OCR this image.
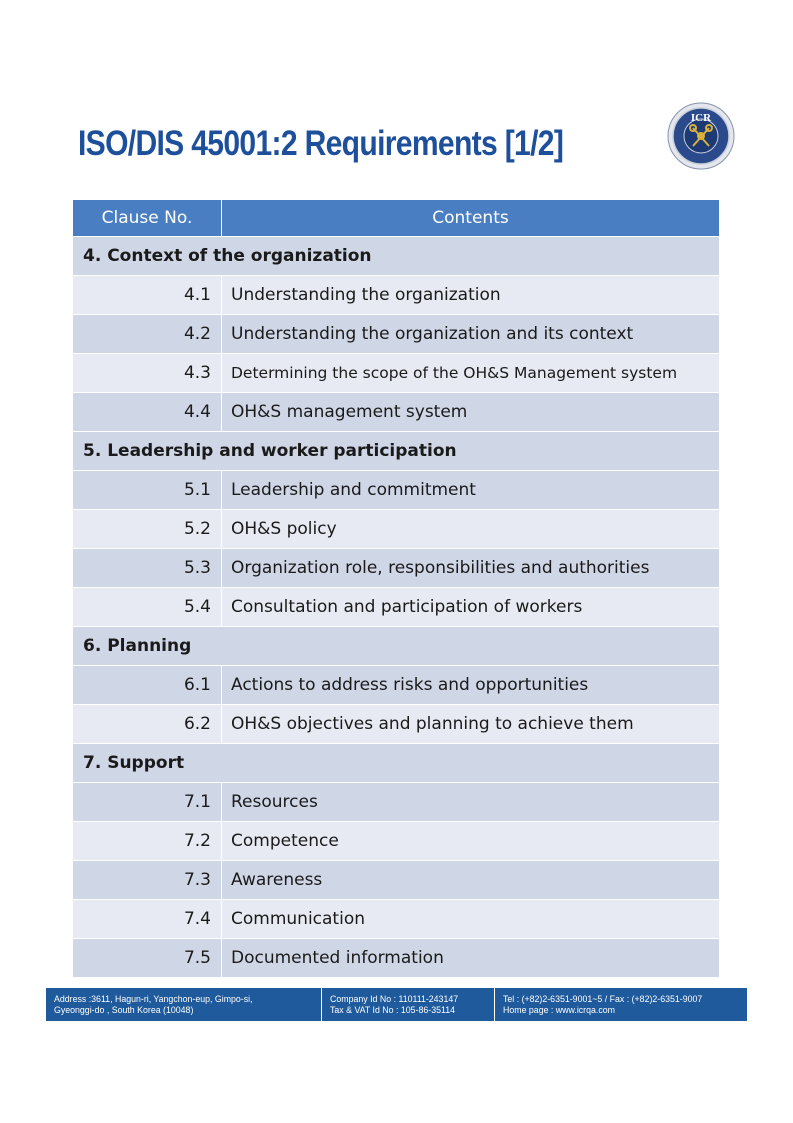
ISO/DIS 45001:2 Requirements [1/2]
ICR
Clause No.	Contents
4. Context of the organization	
4.1	Understanding the organization
4.2	Understanding the organization and its context
4.3	Determining the scope of the OH&S Management system
4.4	OH&S management system
5. Leadership and worker participation	
5.1	Leadership and commitment
5.2	OH&S policy
5.3	Organization role, responsibilities and authorities
5.4	Consultation and participation of workers
6. Planning	
6.1	Actions to address risks and opportunities
6.2	OH&S objectives and planning to achieve them
7. Support	
7.1	Resources
7.2	Competence
7.3	Awareness
7.4	Communication
7.5	Documented information
Address :3611, Hagun-ri, Yangchon-eup, Gimpo-si,
Gyeonggi-do , South Korea (10048)
Company Id No : 110111-243147
Tax & VAT Id No : 105-86-35114
Tel : (+82)2-6351-9001~5 / Fax : (+82)2-6351-9007
Home page : www.icrqa.com
